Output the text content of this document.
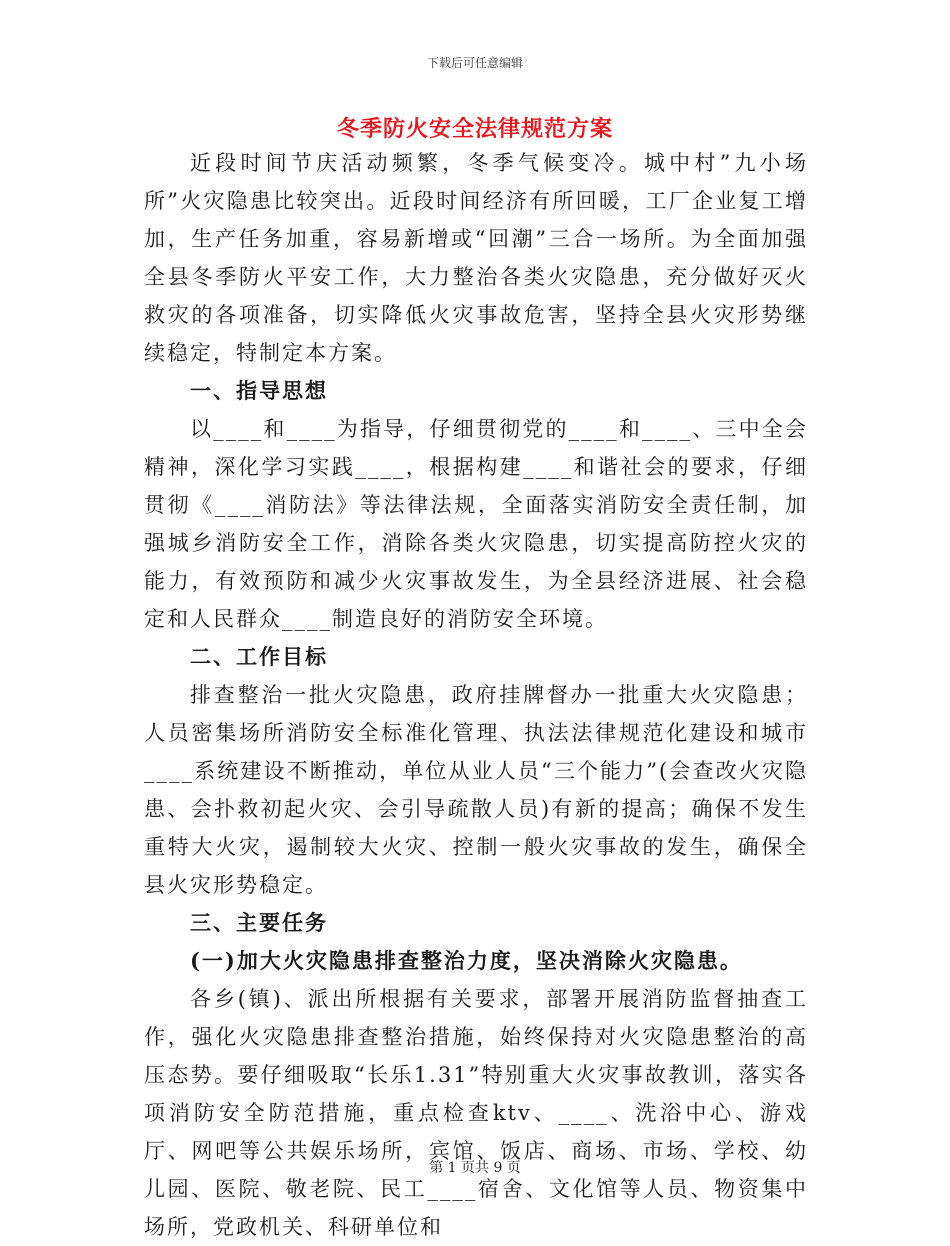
下载后可任意编辑
冬季防火安全法律规范方案

近段时间节庆活动频繁，冬季气候变冷。城中村”九小场所”火灾隐患比较突出。近段时间经济有所回暖，工厂企业复工增加，生产任务加重，容易新增或“回潮”三合一场所。为全面加强全县冬季防火平安工作，大力整治各类火灾隐患，充分做好灭火救灾的各项准备，切实降低火灾事故危害，坚持全县火灾形势继续稳定，特制定本方案。

一、指导思想

以____和____为指导，仔细贯彻党的____和____、三中全会精神，深化学习实践____，根据构建____和谐社会的要求，仔细贯彻《____消防法》等法律法规，全面落实消防安全责任制，加强城乡消防安全工作，消除各类火灾隐患，切实提高防控火灾的能力，有效预防和减少火灾事故发生，为全县经济进展、社会稳定和人民群众____制造良好的消防安全环境。

二、工作目标

排查整治一批火灾隐患，政府挂牌督办一批重大火灾隐患；人员密集场所消防安全标准化管理、执法法律规范化建设和城市____系统建设不断推动，单位从业人员“三个能力”(会查改火灾隐患、会扑救初起火灾、会引导疏散人员)有新的提高；确保不发生重特大火灾，遏制较大火灾、控制一般火灾事故的发生，确保全县火灾形势稳定。

三、主要任务
(一)加大火灾隐患排查整治力度，坚决消除火灾隐患。

各乡(镇)、派出所根据有关要求，部署开展消防监督抽查工作，强化火灾隐患排查整治措施，始终保持对火灾隐患整治的高压态势。要仔细吸取“长乐1.31”特别重大火灾事故教训，落实各项消防安全防范措施，重点检查ktv、____、洗浴中心、游戏厅、网吧等公共娱乐场所，宾馆、饭店、商场、市场、学校、幼儿园、医院、敬老院、民工____宿舍、文化馆等人员、物资集中场所，党政机关、科研单位和

第 1 页共 9 页
